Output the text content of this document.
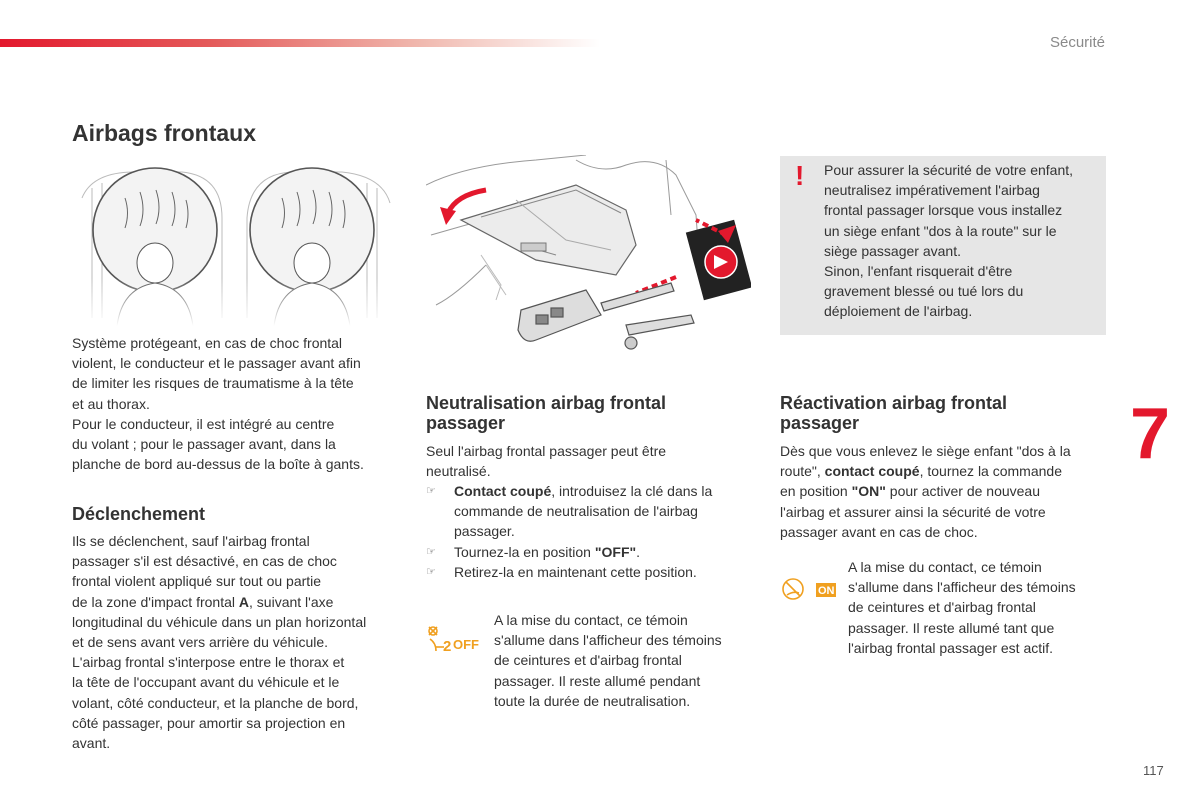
Sécurité
Airbags frontaux
Système protégeant, en cas de choc frontal
violent, le conducteur et le passager avant afin
de limiter les risques de traumatisme à la tête
et au thorax.
Pour le conducteur, il est intégré au centre
du volant ; pour le passager avant, dans la
planche de bord au-dessus de la boîte à gants.
Déclenchement
Ils se déclenchent, sauf l'airbag frontal
passager s'il est désactivé, en cas de choc
frontal violent appliqué sur tout ou partie
de la zone d'impact frontal A, suivant l'axe
longitudinal du véhicule dans un plan horizontal
et de sens avant vers arrière du véhicule.
L'airbag frontal s'interpose entre le thorax et
la tête de l'occupant avant du véhicule et le
volant, côté conducteur, et la planche de bord,
côté passager, pour amortir sa projection en
avant.
Neutralisation airbag frontal
passager
Seul l'airbag frontal passager peut être
neutralisé.
☞ Contact coupé, introduisez la clé dans la
commande de neutralisation de l'airbag
passager.
☞ Tournez-la en position "OFF".
☞ Retirez-la en maintenant cette position.
2 OFF
A la mise du contact, ce témoin
s'allume dans l'afficheur des témoins
de ceintures et d'airbag frontal
passager. Il reste allumé pendant
toute la durée de neutralisation.
! Pour assurer la sécurité de votre enfant,
neutralisez impérativement l'airbag
frontal passager lorsque vous installez
un siège enfant "dos à la route" sur le
siège passager avant.
Sinon, l'enfant risquerait d'être
gravement blessé ou tué lors du
déploiement de l'airbag.
Réactivation airbag frontal
passager
Dès que vous enlevez le siège enfant "dos à la
route", contact coupé, tournez la commande
en position "ON" pour activer de nouveau
l'airbag et assurer ainsi la sécurité de votre
passager avant en cas de choc.
ON
A la mise du contact, ce témoin
s'allume dans l'afficheur des témoins
de ceintures et d'airbag frontal
passager. Il reste allumé tant que
l'airbag frontal passager est actif.
7
117
